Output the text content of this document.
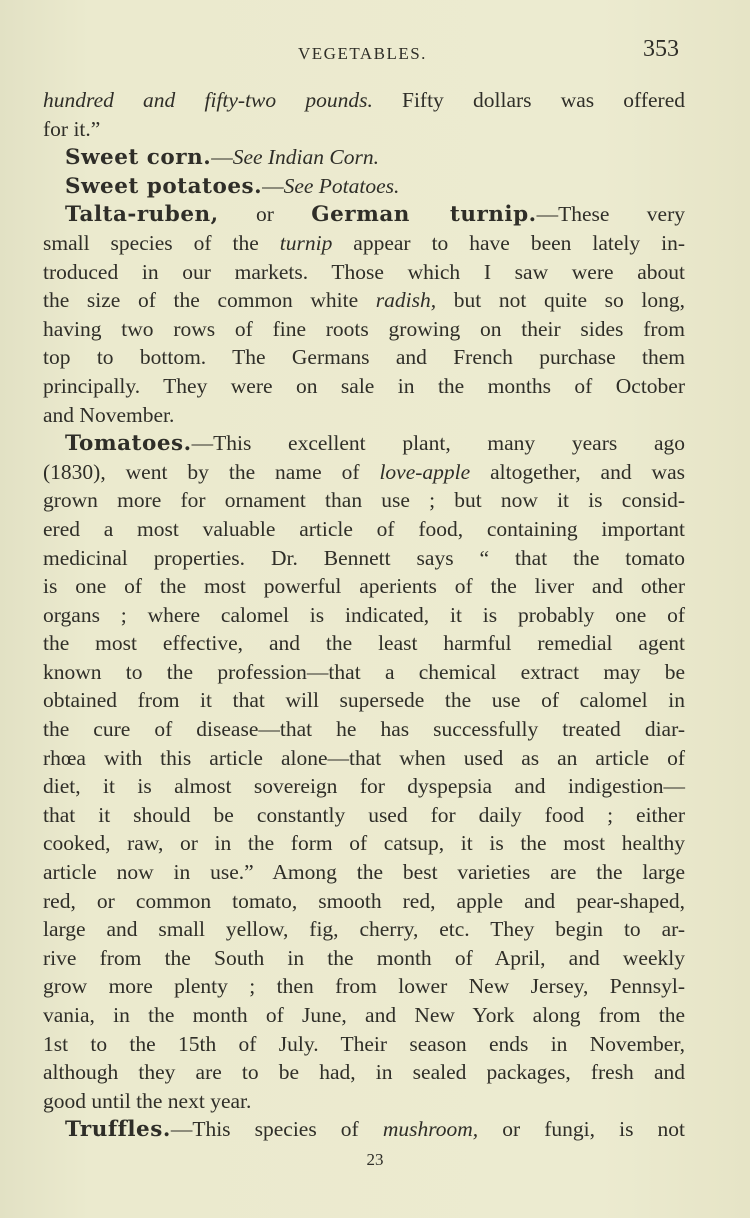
VEGETABLES.	353
hundred and fifty-two pounds. Fifty dollars was offered
for it.”
Sweet corn.—See Indian Corn.
Sweet potatoes.—See Potatoes.
Talta-ruben, or German turnip.—These very
small species of the turnip appear to have been lately in-
troduced in our markets. Those which I saw were about
the size of the common white radish, but not quite so long,
having two rows of fine roots growing on their sides from
top to bottom. The Germans and French purchase them
principally. They were on sale in the months of October
and November.
Tomatoes.—This excellent plant, many years ago
(1830), went by the name of love-apple altogether, and was
grown more for ornament than use ; but now it is consid-
ered a most valuable article of food, containing important
medicinal properties. Dr. Bennett says “ that the tomato
is one of the most powerful aperients of the liver and other
organs ; where calomel is indicated, it is probably one of
the most effective, and the least harmful remedial agent
known to the profession—that a chemical extract may be
obtained from it that will supersede the use of calomel in
the cure of disease—that he has successfully treated diar-
rhœa with this article alone—that when used as an article of
diet, it is almost sovereign for dyspepsia and indigestion—
that it should be constantly used for daily food ; either
cooked, raw, or in the form of catsup, it is the most healthy
article now in use.” Among the best varieties are the large
red, or common tomato, smooth red, apple and pear-shaped,
large and small yellow, fig, cherry, etc. They begin to ar-
rive from the South in the month of April, and weekly
grow more plenty ; then from lower New Jersey, Pennsyl-
vania, in the month of June, and New York along from the
1st to the 15th of July. Their season ends in November,
although they are to be had, in sealed packages, fresh and
good until the next year.
Truffles.—This species of mushroom, or fungi, is not
23
